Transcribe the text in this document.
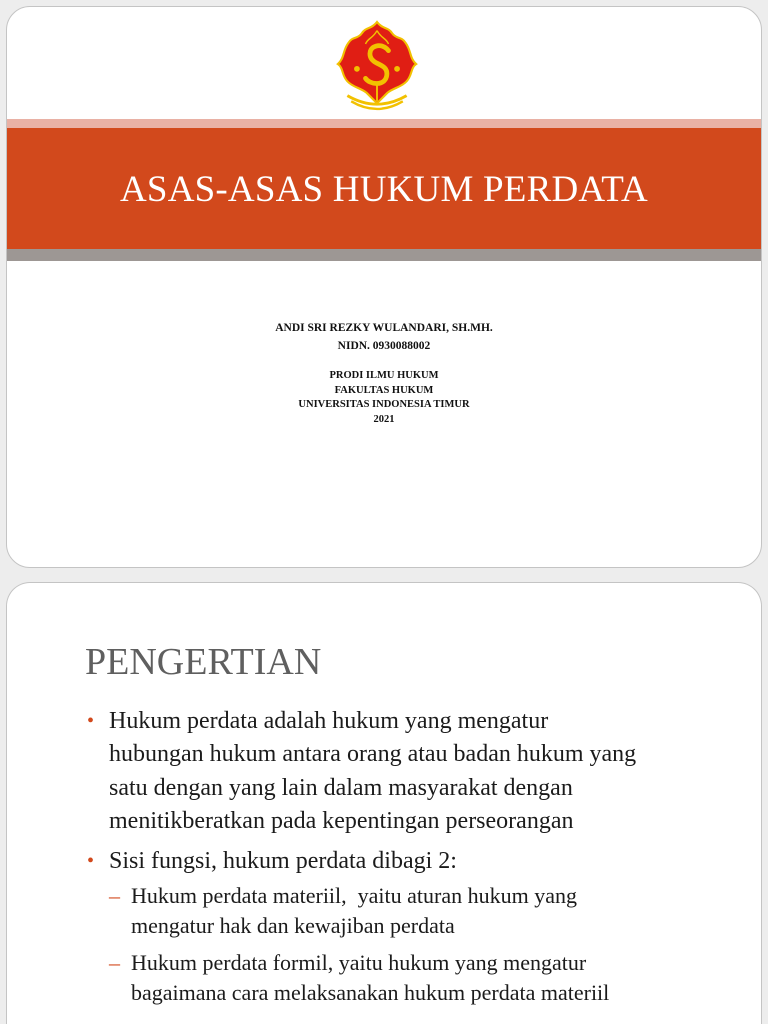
ASAS-ASAS HUKUM PERDATA
ANDI SRI REZKY WULANDARI, SH.MH.
NIDN. 0930088002
PRODI ILMU HUKUM
FAKULTAS HUKUM
UNIVERSITAS INDONESIA TIMUR
2021
PENGERTIAN
• Hukum perdata adalah hukum yang mengatur
hubungan hukum antara orang atau badan hukum yang
satu dengan yang lain dalam masyarakat dengan
menitikberatkan pada kepentingan perseorangan
• Sisi fungsi, hukum perdata dibagi 2:
– Hukum perdata materiil,  yaitu aturan hukum yang
mengatur hak dan kewajiban perdata
– Hukum perdata formil, yaitu hukum yang mengatur
bagaimana cara melaksanakan hukum perdata materiil
